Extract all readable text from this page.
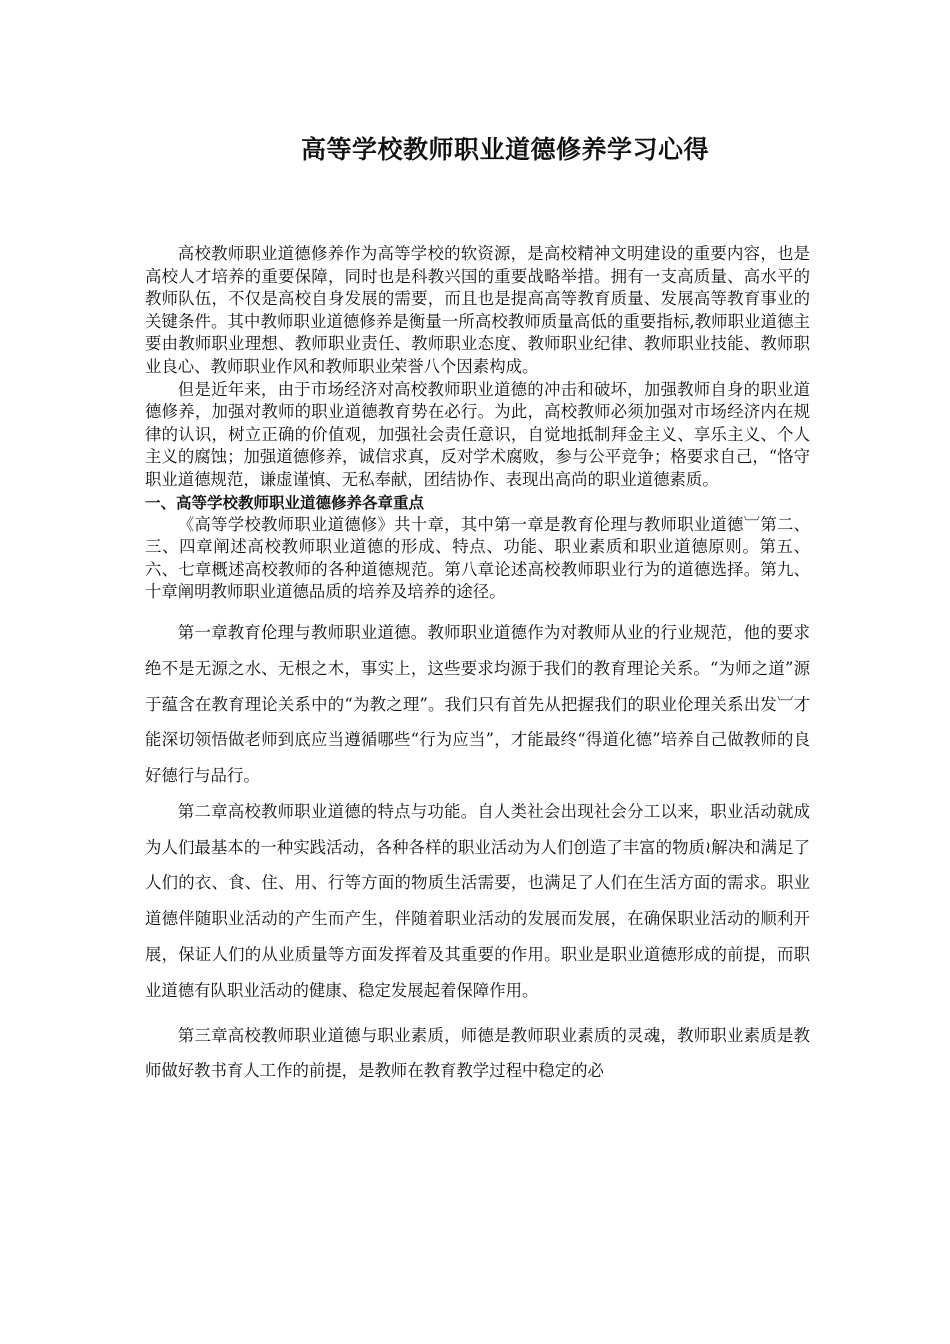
高等学校教师职业道德修养学习心得

高校教师职业道德修养作为高等学校的软资源，是高校精神文明建设的重要内容，也是高校人才培养的重要保障，同时也是科教兴国的重要战略举措。拥有一支高质量、高水平的教师队伍，不仅是高校自身发展的需要，而且也是提高高等教育质量、发展高等教育事业的关键条件。其中教师职业道德修养是衡量一所高校教师质量高低的重要指标,教师职业道德主要由教师职业理想、教师职业责任、教师职业态度、教师职业纪律、教师职业技能、教师职业良心、教师职业作风和教师职业荣誉八个因素构成。

但是近年来，由于市场经济对高校教师职业道德的冲击和破坏，加强教师自身的职业道德修养，加强对教师的职业道德教育势在必行。为此，高校教师必须加强对市场经济内在规律的认识，树立正确的价值观，加强社会责任意识，自觉地抵制拜金主义、享乐主义、个人主义的腐蚀；加强道德修养，诚信求真，反对学术腐败，参与公平竞争；格要求自己，“恪守职业道德规范，谦虚谨慎、无私奉献，团结协作、表现出高尚的职业道德素质。

一、高等学校教师职业道德修养各章重点

《高等学校教师职业道德修》共十章，其中第一章是教育伦理与教师职业道德︺第二、三、四章阐述高校教师职业道德的形成、特点、功能、职业素质和职业道德原则。第五、六、七章概述高校教师的各种道德规范。第八章论述高校教师职业行为的道德选择。第九、十章阐明教师职业道德品质的培养及培养的途径。

第一章教育伦理与教师职业道德。教师职业道德作为对教师从业的行业规范，他的要求绝不是无源之水、无根之木，事实上，这些要求均源于我们的教育理论关系。“为师之道”源于蕴含在教育理论关系中的“为教之理”。我们只有首先从把握我们的职业伦理关系出发︺才能深切领悟做老师到底应当遵循哪些“行为应当”，才能最终“得道化德”培养自己做教师的良好德行与品行。

第二章高校教师职业道德的特点与功能。自人类社会出现社会分工以来，职业活动就成为人们最基本的一种实践活动，各种各样的职业活动为人们创造了丰富的物质≀解决和满足了人们的衣、食、住、用、行等方面的物质生活需要，也满足了人们在生活方面的需求。职业道德伴随职业活动的产生而产生，伴随着职业活动的发展而发展，在确保职业活动的顺利开展，保证人们的从业质量等方面发挥着及其重要的作用。职业是职业道德形成的前提，而职业道德有队职业活动的健康、稳定发展起着保障作用。

第三章高校教师职业道德与职业素质，师德是教师职业素质的灵魂，教师职业素质是教师做好教书育人工作的前提，是教师在教育教学过程中稳定的必
